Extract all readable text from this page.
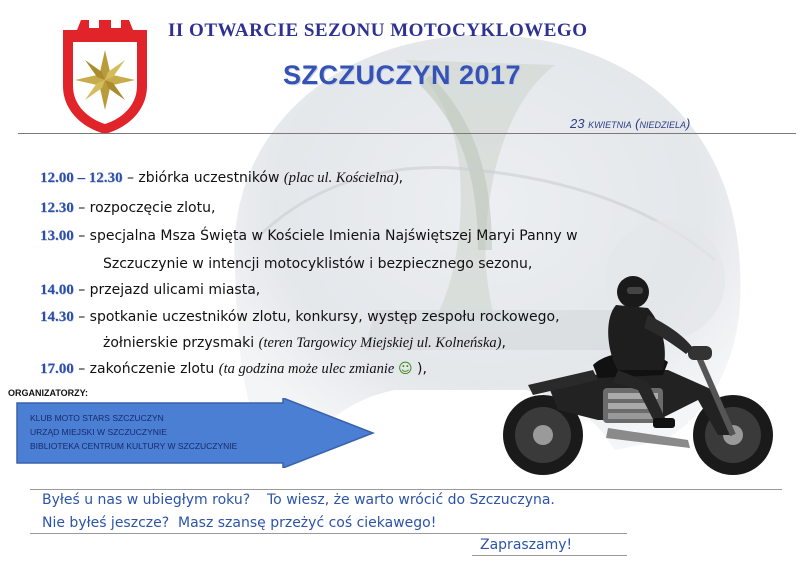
II OTWARCIE SEZONU MOTOCYKLOWEGO
SZCZUCZYN 2017
23 kwietnia (niedziela)
12.00 – 12.30 – zbiórka uczestników (plac ul. Kościelna),
12.30 – rozpoczęcie zlotu,
13.00 – specjalna Msza Święta w Kościele Imienia Najświętszej Maryi Panny w
Szczuczynie w intencji motocyklistów i bezpiecznego sezonu,
14.00 – przejazd ulicami miasta,
14.30 – spotkanie uczestników zlotu, konkursy, występ zespołu rockowego,
żołnierskie przysmaki (teren Targowicy Miejskiej ul. Kolneńska),
17.00 – zakończenie zlotu (ta godzina może ulec zmianie ☺ ),
ORGANIZATORZY:
KLUB MOTO STARS SZCZUCZYN
URZĄD MIEJSKI W SZCZUCZYNIE
BIBLIOTEKA CENTRUM KULTURY W SZCZUCZYNIE
Byłeś u nas w ubiegłym roku? To wiesz, że warto wrócić do Szczuczyna.
Nie byłeś jeszcze? Masz szansę przeżyć coś ciekawego!
Zapraszamy!
